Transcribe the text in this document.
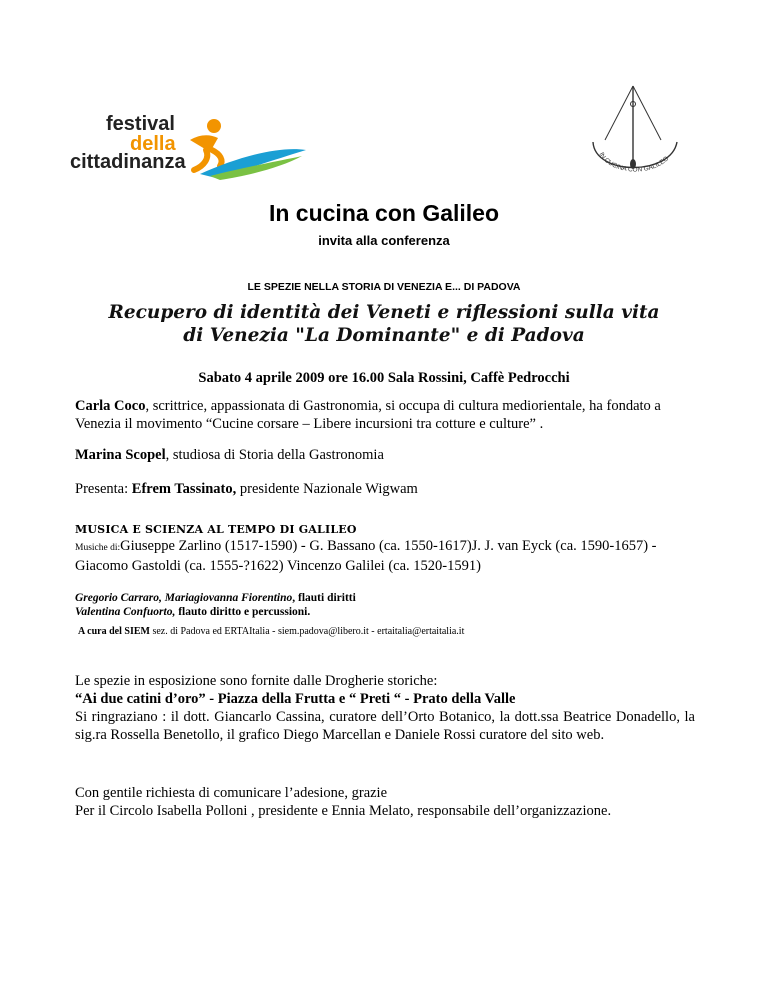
festival
della
cittadinanza	IN CUCINA CON GALILEO
In cucina con Galileo
invita alla conferenza
LE SPEZIE NELLA STORIA DI VENEZIA E... DI PADOVA
Recupero di identità dei Veneti e riflessioni sulla vita
di Venezia "La Dominante" e di Padova
Sabato 4 aprile 2009 ore 16.00 Sala Rossini, Caffè Pedrocchi
Carla Coco, scrittrice, appassionata di Gastronomia, si occupa di cultura mediorientale, ha fondato a Venezia il movimento “Cucine corsare – Libere incursioni tra cotture e culture” .
Marina Scopel, studiosa di Storia della Gastronomia
Presenta: Efrem Tassinato, presidente Nazionale Wigwam
MUSICA E SCIENZA AL TEMPO DI GALILEO
Musiche di:Giuseppe Zarlino (1517-1590) - G. Bassano (ca. 1550-1617)J. J. van Eyck (ca. 1590-1657) - Giacomo Gastoldi (ca. 1555-?1622) Vincenzo Galilei (ca. 1520-1591)
Gregorio Carraro, Mariagiovanna Fiorentino, flauti diritti
Valentina Confuorto, flauto diritto e percussioni.
A cura del SIEM sez. di Padova ed ERTAItalia - siem.padova@libero.it - ertaitalia@ertaitalia.it
Le spezie in esposizione sono fornite dalle Drogherie storiche:
“Ai due catini d’oro” - Piazza della Frutta e “ Preti “ - Prato della Valle
Si ringraziano : il dott. Giancarlo Cassina, curatore dell’Orto Botanico, la dott.ssa Beatrice Donadello, la sig.ra Rossella Benetollo, il grafico Diego Marcellan e Daniele Rossi curatore del sito web.
Con gentile richiesta di comunicare l’adesione, grazie
Per il Circolo Isabella Polloni , presidente e Ennia Melato, responsabile dell’organizzazione.
